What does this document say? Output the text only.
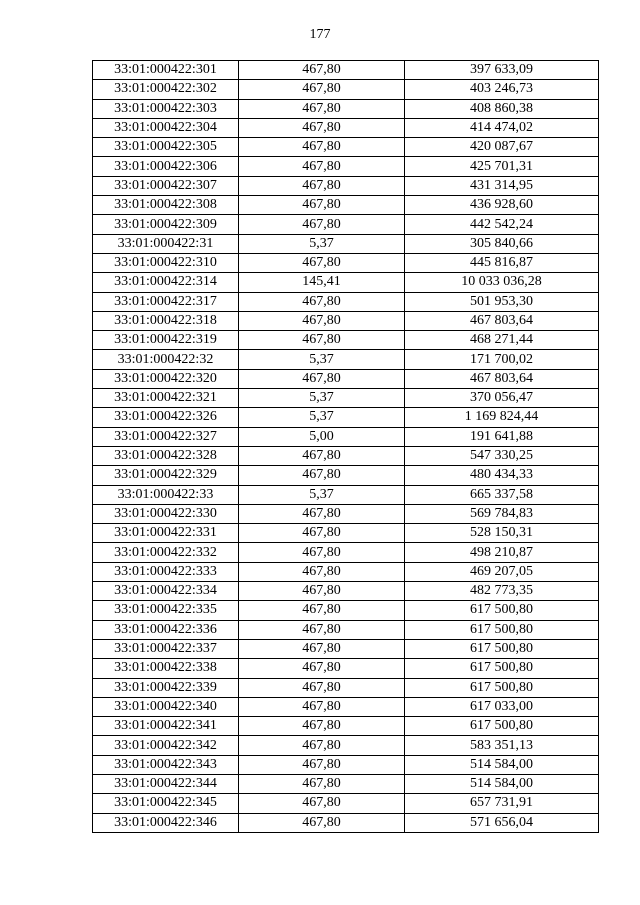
177
33:01:000422:301	467,80	397 633,09
33:01:000422:302	467,80	403 246,73
33:01:000422:303	467,80	408 860,38
33:01:000422:304	467,80	414 474,02
33:01:000422:305	467,80	420 087,67
33:01:000422:306	467,80	425 701,31
33:01:000422:307	467,80	431 314,95
33:01:000422:308	467,80	436 928,60
33:01:000422:309	467,80	442 542,24
33:01:000422:31	5,37	305 840,66
33:01:000422:310	467,80	445 816,87
33:01:000422:314	145,41	10 033 036,28
33:01:000422:317	467,80	501 953,30
33:01:000422:318	467,80	467 803,64
33:01:000422:319	467,80	468 271,44
33:01:000422:32	5,37	171 700,02
33:01:000422:320	467,80	467 803,64
33:01:000422:321	5,37	370 056,47
33:01:000422:326	5,37	1 169 824,44
33:01:000422:327	5,00	191 641,88
33:01:000422:328	467,80	547 330,25
33:01:000422:329	467,80	480 434,33
33:01:000422:33	5,37	665 337,58
33:01:000422:330	467,80	569 784,83
33:01:000422:331	467,80	528 150,31
33:01:000422:332	467,80	498 210,87
33:01:000422:333	467,80	469 207,05
33:01:000422:334	467,80	482 773,35
33:01:000422:335	467,80	617 500,80
33:01:000422:336	467,80	617 500,80
33:01:000422:337	467,80	617 500,80
33:01:000422:338	467,80	617 500,80
33:01:000422:339	467,80	617 500,80
33:01:000422:340	467,80	617 033,00
33:01:000422:341	467,80	617 500,80
33:01:000422:342	467,80	583 351,13
33:01:000422:343	467,80	514 584,00
33:01:000422:344	467,80	514 584,00
33:01:000422:345	467,80	657 731,91
33:01:000422:346	467,80	571 656,04
